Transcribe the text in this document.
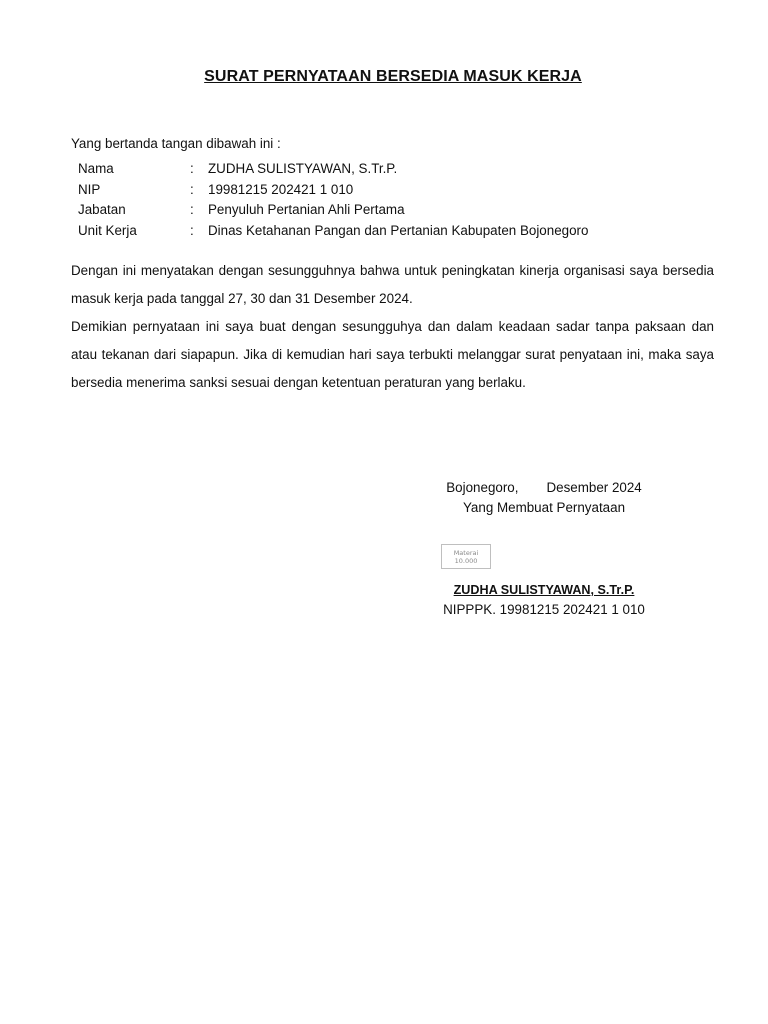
SURAT PERNYATAAN BERSEDIA MASUK KERJA
Yang bertanda tangan dibawah ini :
Nama	:	ZUDHA SULISTYAWAN, S.Tr.P.
NIP	:	19981215 202421 1 010
Jabatan	:	Penyuluh Pertanian Ahli Pertama
Unit Kerja	:	Dinas Ketahanan Pangan dan Pertanian Kabupaten Bojonegoro

Dengan ini menyatakan dengan sesungguhnya bahwa untuk peningkatan kinerja organisasi saya bersedia masuk kerja pada tanggal 27, 30 dan 31 Desember 2024.

Demikian pernyataan ini saya buat dengan sesungguhya dan dalam keadaan sadar tanpa paksaan dan atau tekanan dari siapapun. Jika di kemudian hari saya terbukti melanggar surat penyataan ini, maka saya bersedia menerima sanksi sesuai dengan ketentuan peraturan yang berlaku.

Bojonegoro, Desember 2024
Yang Membuat Pernyataan
Materai
10.000
ZUDHA SULISTYAWAN, S.Tr.P.
NIPPPK. 19981215 202421 1 010
